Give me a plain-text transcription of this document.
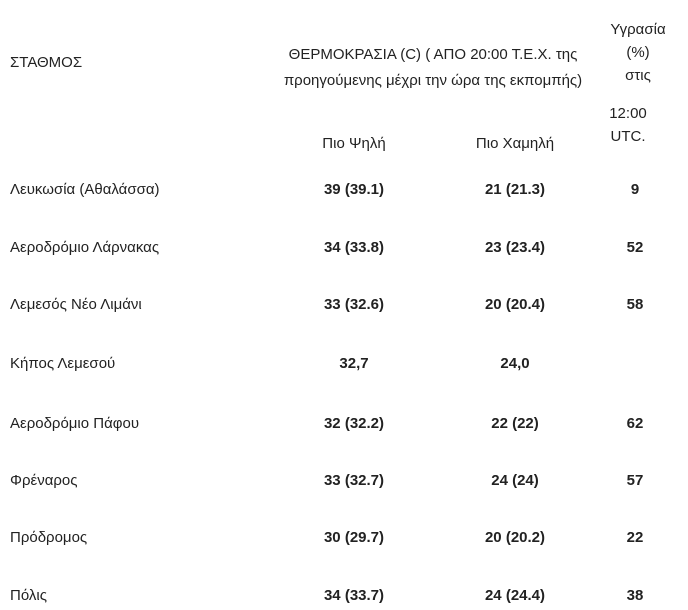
ΣΤΑΘΜΟΣ	ΘΕΡΜΟΚΡΑΣΙΑ (C) ( ΑΠΟ 20:00 Τ.Ε.Χ. της
προηγούμενης μέχρι την ώρα της εκπομπής)
Υγρασία
(%)
στις
12:00
UTC.
Πιο Ψηλή	Πιο Χαμηλή
Λευκωσία (Αθαλάσσα)	39 (39.1)	21 (21.3)	9
Αεροδρόμιο Λάρνακας	34 (33.8)	23 (23.4)	52
Λεμεσός Νέο Λιμάνι	33 (32.6)	20 (20.4)	58
Κήπος Λεμεσού	32,7	24,0
Αεροδρόμιο Πάφου	32 (32.2)	22 (22)	62
Φρέναρος	33 (32.7)	24 (24)	57
Πρόδρομος	30 (29.7)	20 (20.2)	22
Πόλις	34 (33.7)	24 (24.4)	38
